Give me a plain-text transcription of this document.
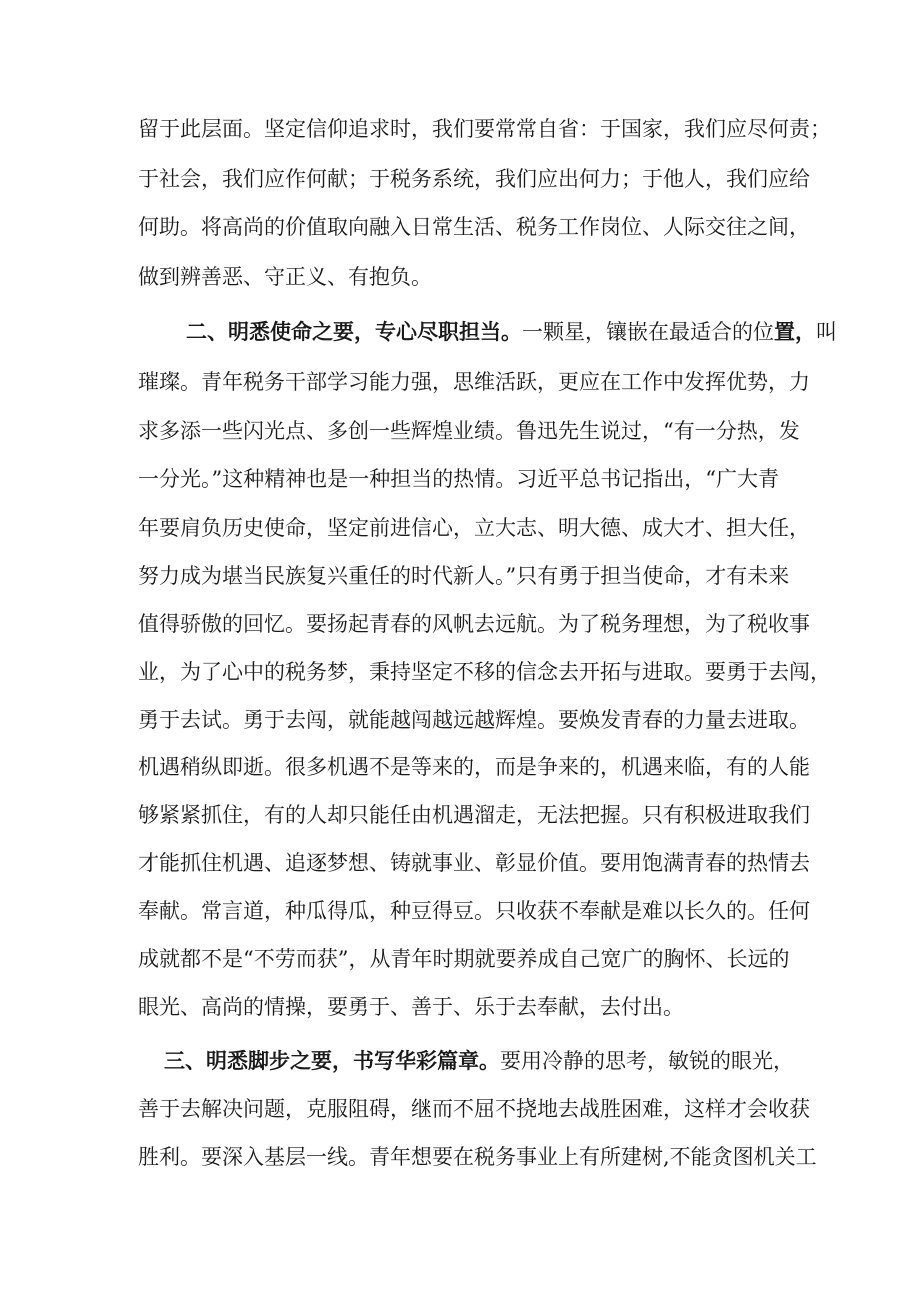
留于此层面。坚定信仰追求时，我们要常常自省：于国家，我们应尽何责；

于社会，我们应作何献；于税务系统，我们应出何力；于他人，我们应给

何助。将高尚的价值取向融入日常生活、税务工作岗位、人际交往之间，

做到辨善恶、守正义、有抱负。

二、明悉使命之要，专心尽职担当。一颗星，镶嵌在最适合的位置，叫

璀璨。青年税务干部学习能力强，思维活跃，更应在工作中发挥优势，力

求多添一些闪光点、多创一些辉煌业绩。鲁迅先生说过，“有一分热，发

一分光。”这种精神也是一种担当的热情。习近平总书记指出，“广大青

年要肩负历史使命，坚定前进信心，立大志、明大德、成大才、担大任，

努力成为堪当民族复兴重任的时代新人。”只有勇于担当使命，才有未来

值得骄傲的回忆。要扬起青春的风帆去远航。为了税务理想，为了税收事

业，为了心中的税务梦，秉持坚定不移的信念去开拓与进取。要勇于去闯，

勇于去试。勇于去闯，就能越闯越远越辉煌。要焕发青春的力量去进取。

机遇稍纵即逝。很多机遇不是等来的，而是争来的，机遇来临，有的人能

够紧紧抓住，有的人却只能任由机遇溜走，无法把握。只有积极进取我们

才能抓住机遇、追逐梦想、铸就事业、彰显价值。要用饱满青春的热情去

奉献。常言道，种瓜得瓜，种豆得豆。只收获不奉献是难以长久的。任何

成就都不是“不劳而获”，从青年时期就要养成自己宽广的胸怀、长远的

眼光、高尚的情操，要勇于、善于、乐于去奉献，去付出。

三、明悉脚步之要，书写华彩篇章。要用冷静的思考，敏锐的眼光，

善于去解决问题，克服阻碍，继而不屈不挠地去战胜困难，这样才会收获

胜利。要深入基层一线。青年想要在税务事业上有所建树,不能贪图机关工
